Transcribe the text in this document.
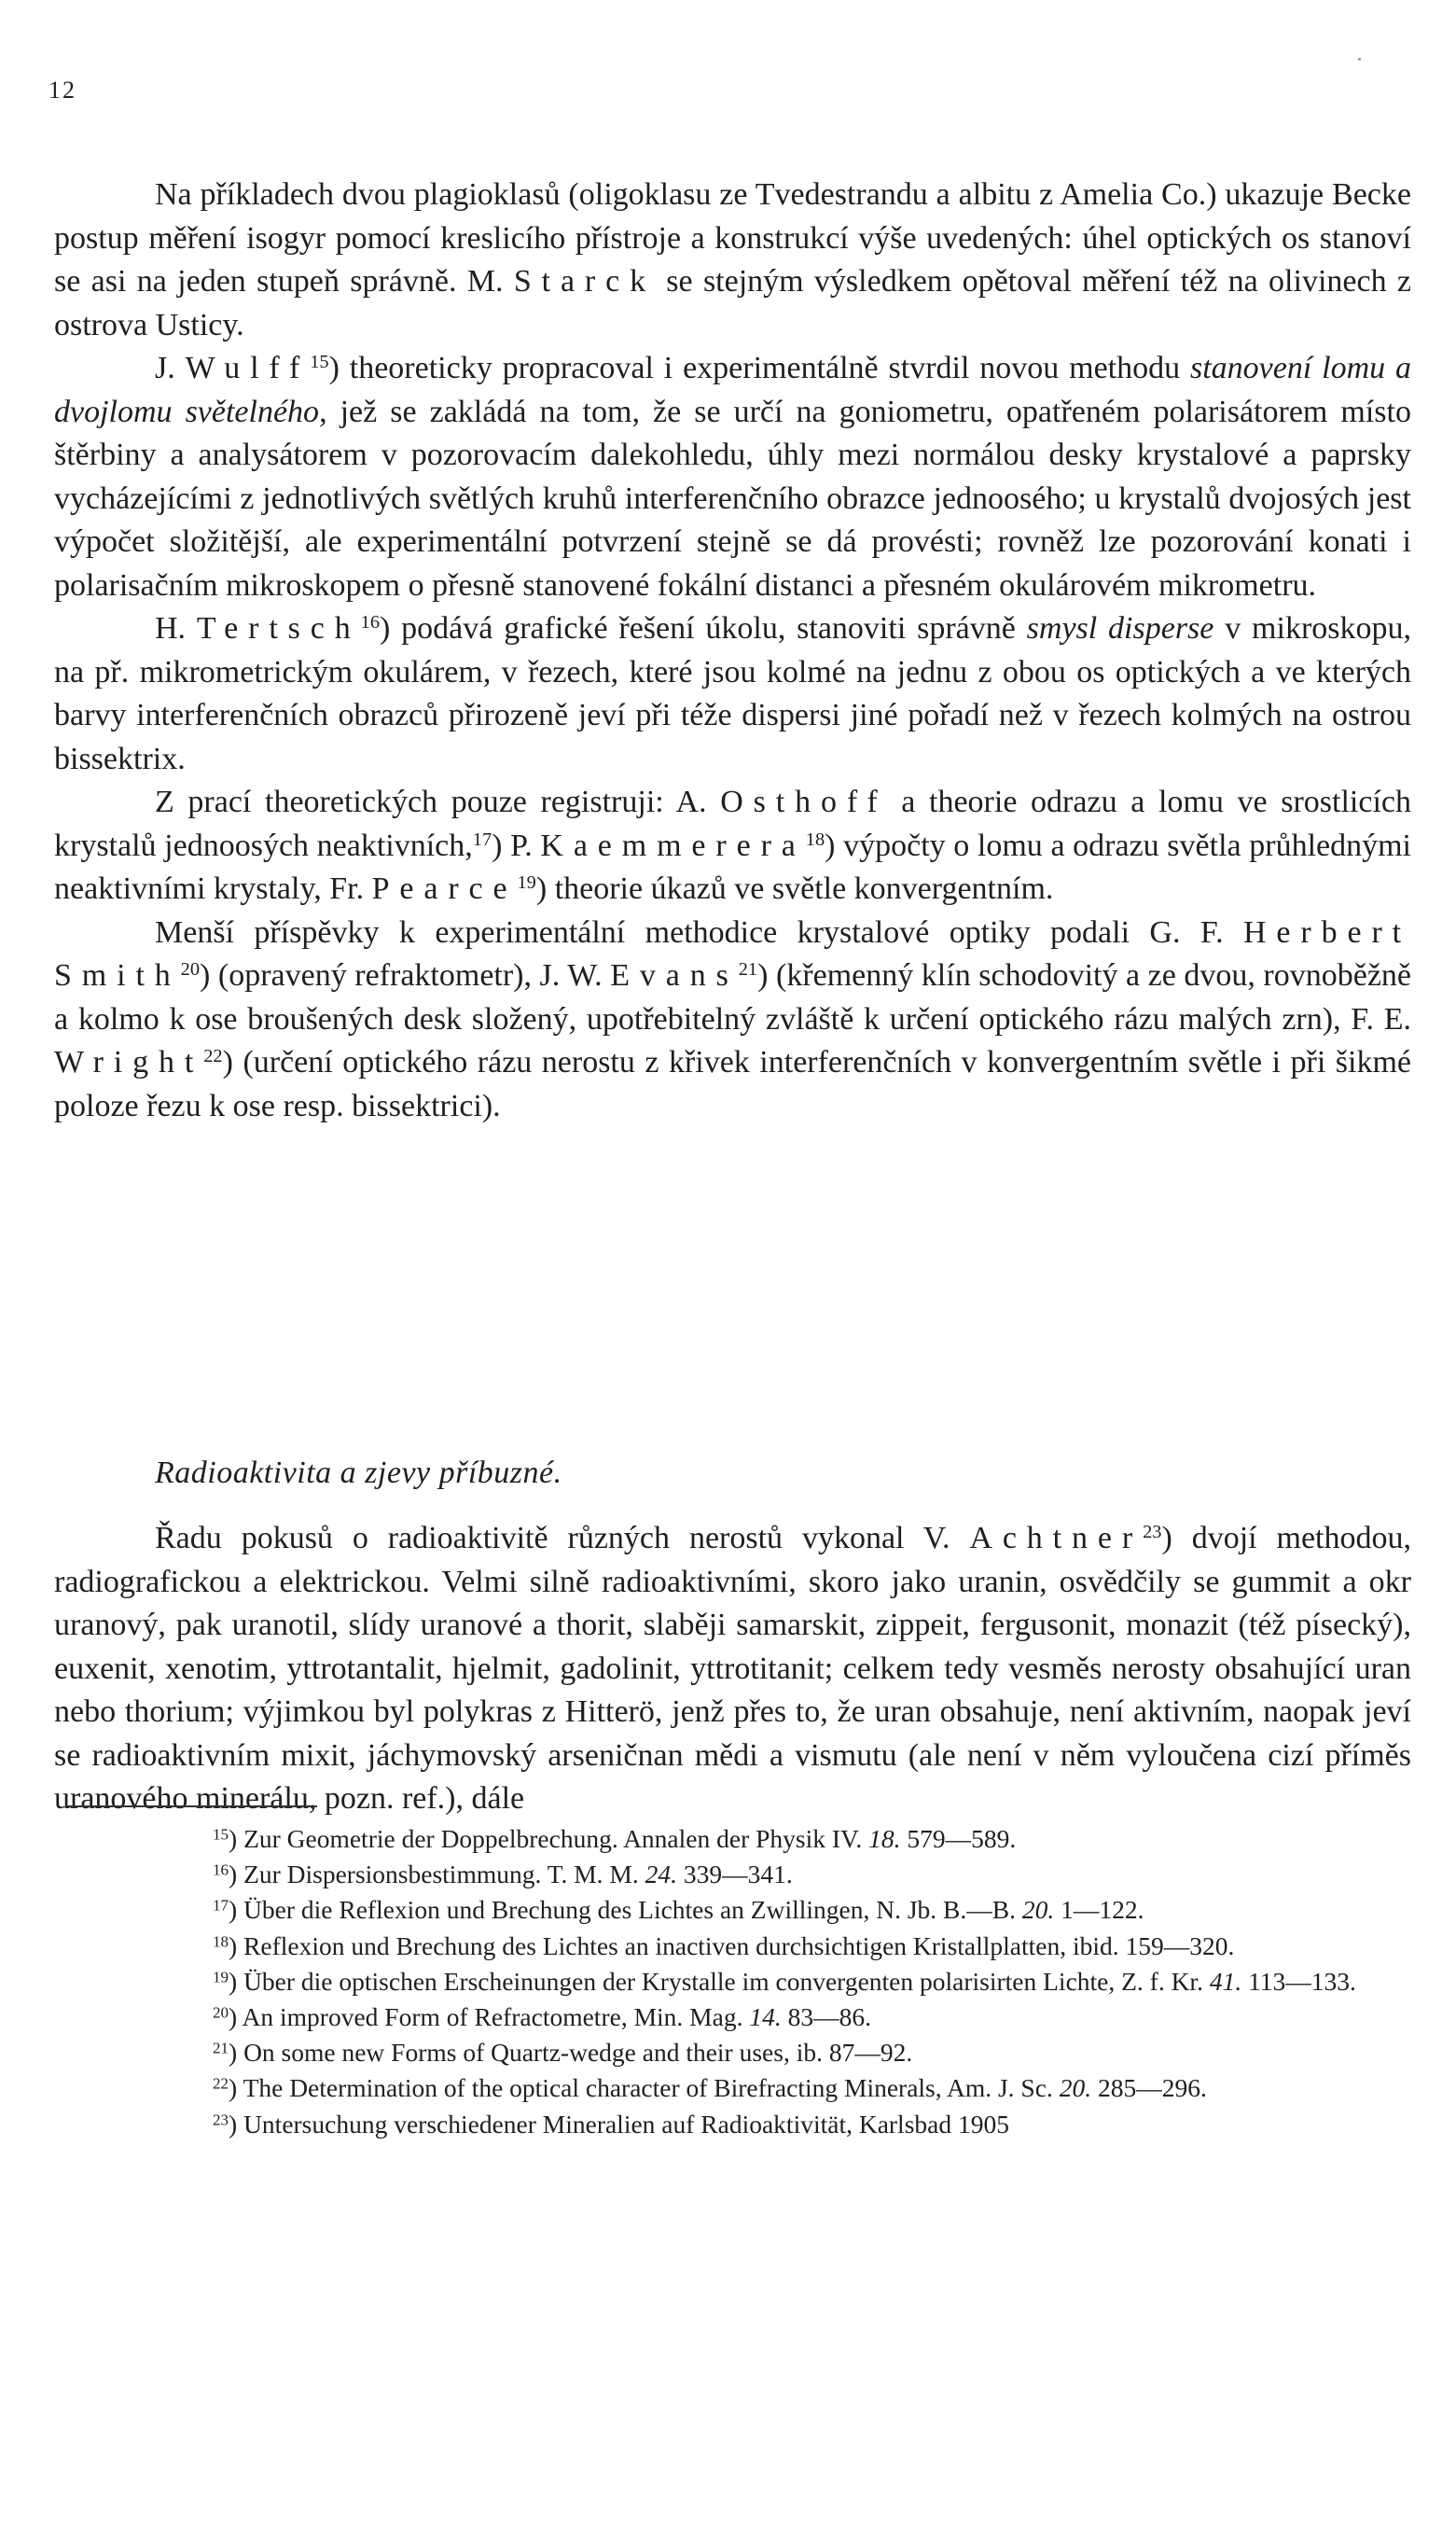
12

Na příkladech dvou plagioklasů (oligoklasu ze Tvedestrandu a albitu z Amelia Co.) ukazuje Becke postup měření isogyr pomocí kreslicího přístroje a konstrukcí výše uvedených: úhel optických os stanoví se asi na jeden stupeň správně. M. Starck se stejným výsledkem opětoval měření též na olivinech z ostrova Usticy.

J. Wulff$^{15}$) theoreticky propracoval i experimentálně stvrdil novou methodu stanovení lomu a dvojlomu světelného, jež se zakládá na tom, že se určí na goniometru, opatřeném polarisátorem místo štěrbiny a analysátorem v pozorovacím dalekohledu, úhly mezi normálou desky krystalové a paprsky vycházejícími z jednotlivých světlých kruhů interferenčního obrazce jednoosého; u krystalů dvojosých jest výpočet složitější, ale experimentální potvrzení stejně se dá provésti; rovněž lze pozorování konati i polarisačním mikroskopem o přesně stanovené fokální distanci a přesném okulárovém mikrometru.

H. Tertsch$^{16}$) podává grafické řešení úkolu, stanoviti správně smysl disperse v mikroskopu, na př. mikrometrickým okulárem, v řezech, které jsou kolmé na jednu z obou os optických a ve kterých barvy interferenčních obrazců přirozeně jeví při téže dispersi jiné pořadí než v řezech kolmých na ostrou bissektrix.

Z prací theoretických pouze registruji: A. Osthoff a theorie odrazu a lomu ve srostlicích krystalů jednoosých neaktivních,$^{17}$) P. Kaemmerera$^{18}$) výpočty o lomu a odrazu světla průhlednými neaktivními krystaly, Fr. Pearce$^{19}$) theorie úkazů ve světle konvergentním.

Menší příspěvky k experimentální methodice krystalové optiky podali G. F. Herbert Smith$^{20}$) (opravený refraktometr), J. W. Evans$^{21}$) (křemenný klín schodovitý a ze dvou, rovnoběžně a kolmo k ose broušených desk složený, upotřebitelný zvláště k určení optického rázu malých zrn), F. E. Wright$^{22}$) (určení optického rázu nerostu z křivek interferenčních v konvergentním světle i při šikmé poloze řezu k ose resp. bissektrici).

Radioaktivita a zjevy příbuzné.

Řadu pokusů o radioaktivitě různých nerostů vykonal V. Achtner$^{23}$) dvojí methodou, radiografickou a elektrickou. Velmi silně radioaktivními, skoro jako uranin, osvědčily se gummit a okr uranový, pak uranotil, slídy uranové a thorit, slaběji samarskit, zippeit, fergusonit, monazit (též písecký), euxenit, xenotim, yttrotantalit, hjelmit, gadolinit, yttrotitanit; celkem tedy vesměs nerosty obsahující uran nebo thorium; výjimkou byl polykras z Hitterö, jenž přes to, že uran obsahuje, není aktivním, naopak jeví se radioaktivním mixit, jáchymovský arseničnan mědi a vismutu (ale není v něm vyloučena cizí příměs uranového minerálu, pozn. ref.), dále

$^{15}$) Zur Geometrie der Doppelbrechung. Annalen der Physik IV. 18. 579—589.

$^{16}$) Zur Dispersionsbestimmung. T. M. M. 24. 339—341.

$^{17}$) Über die Reflexion und Brechung des Lichtes an Zwillingen, N. Jb. B.—B. 20. 1—122.

$^{18}$) Reflexion und Brechung des Lichtes an inactiven durchsichtigen Kristallplatten, ibid. 159—320.

$^{19}$) Über die optischen Erscheinungen der Krystalle im convergenten polarisirten Lichte, Z. f. Kr. 41. 113—133.

$^{20}$) An improved Form of Refractometre, Min. Mag. 14. 83—86.

$^{21}$) On some new Forms of Quartz-wedge and their uses, ib. 87—92.

$^{22}$) The Determination of the optical character of Birefracting Minerals, Am. J. Sc. 20. 285—296.

$^{23}$) Untersuchung verschiedener Mineralien auf Radioaktivität, Karlsbad 1905
